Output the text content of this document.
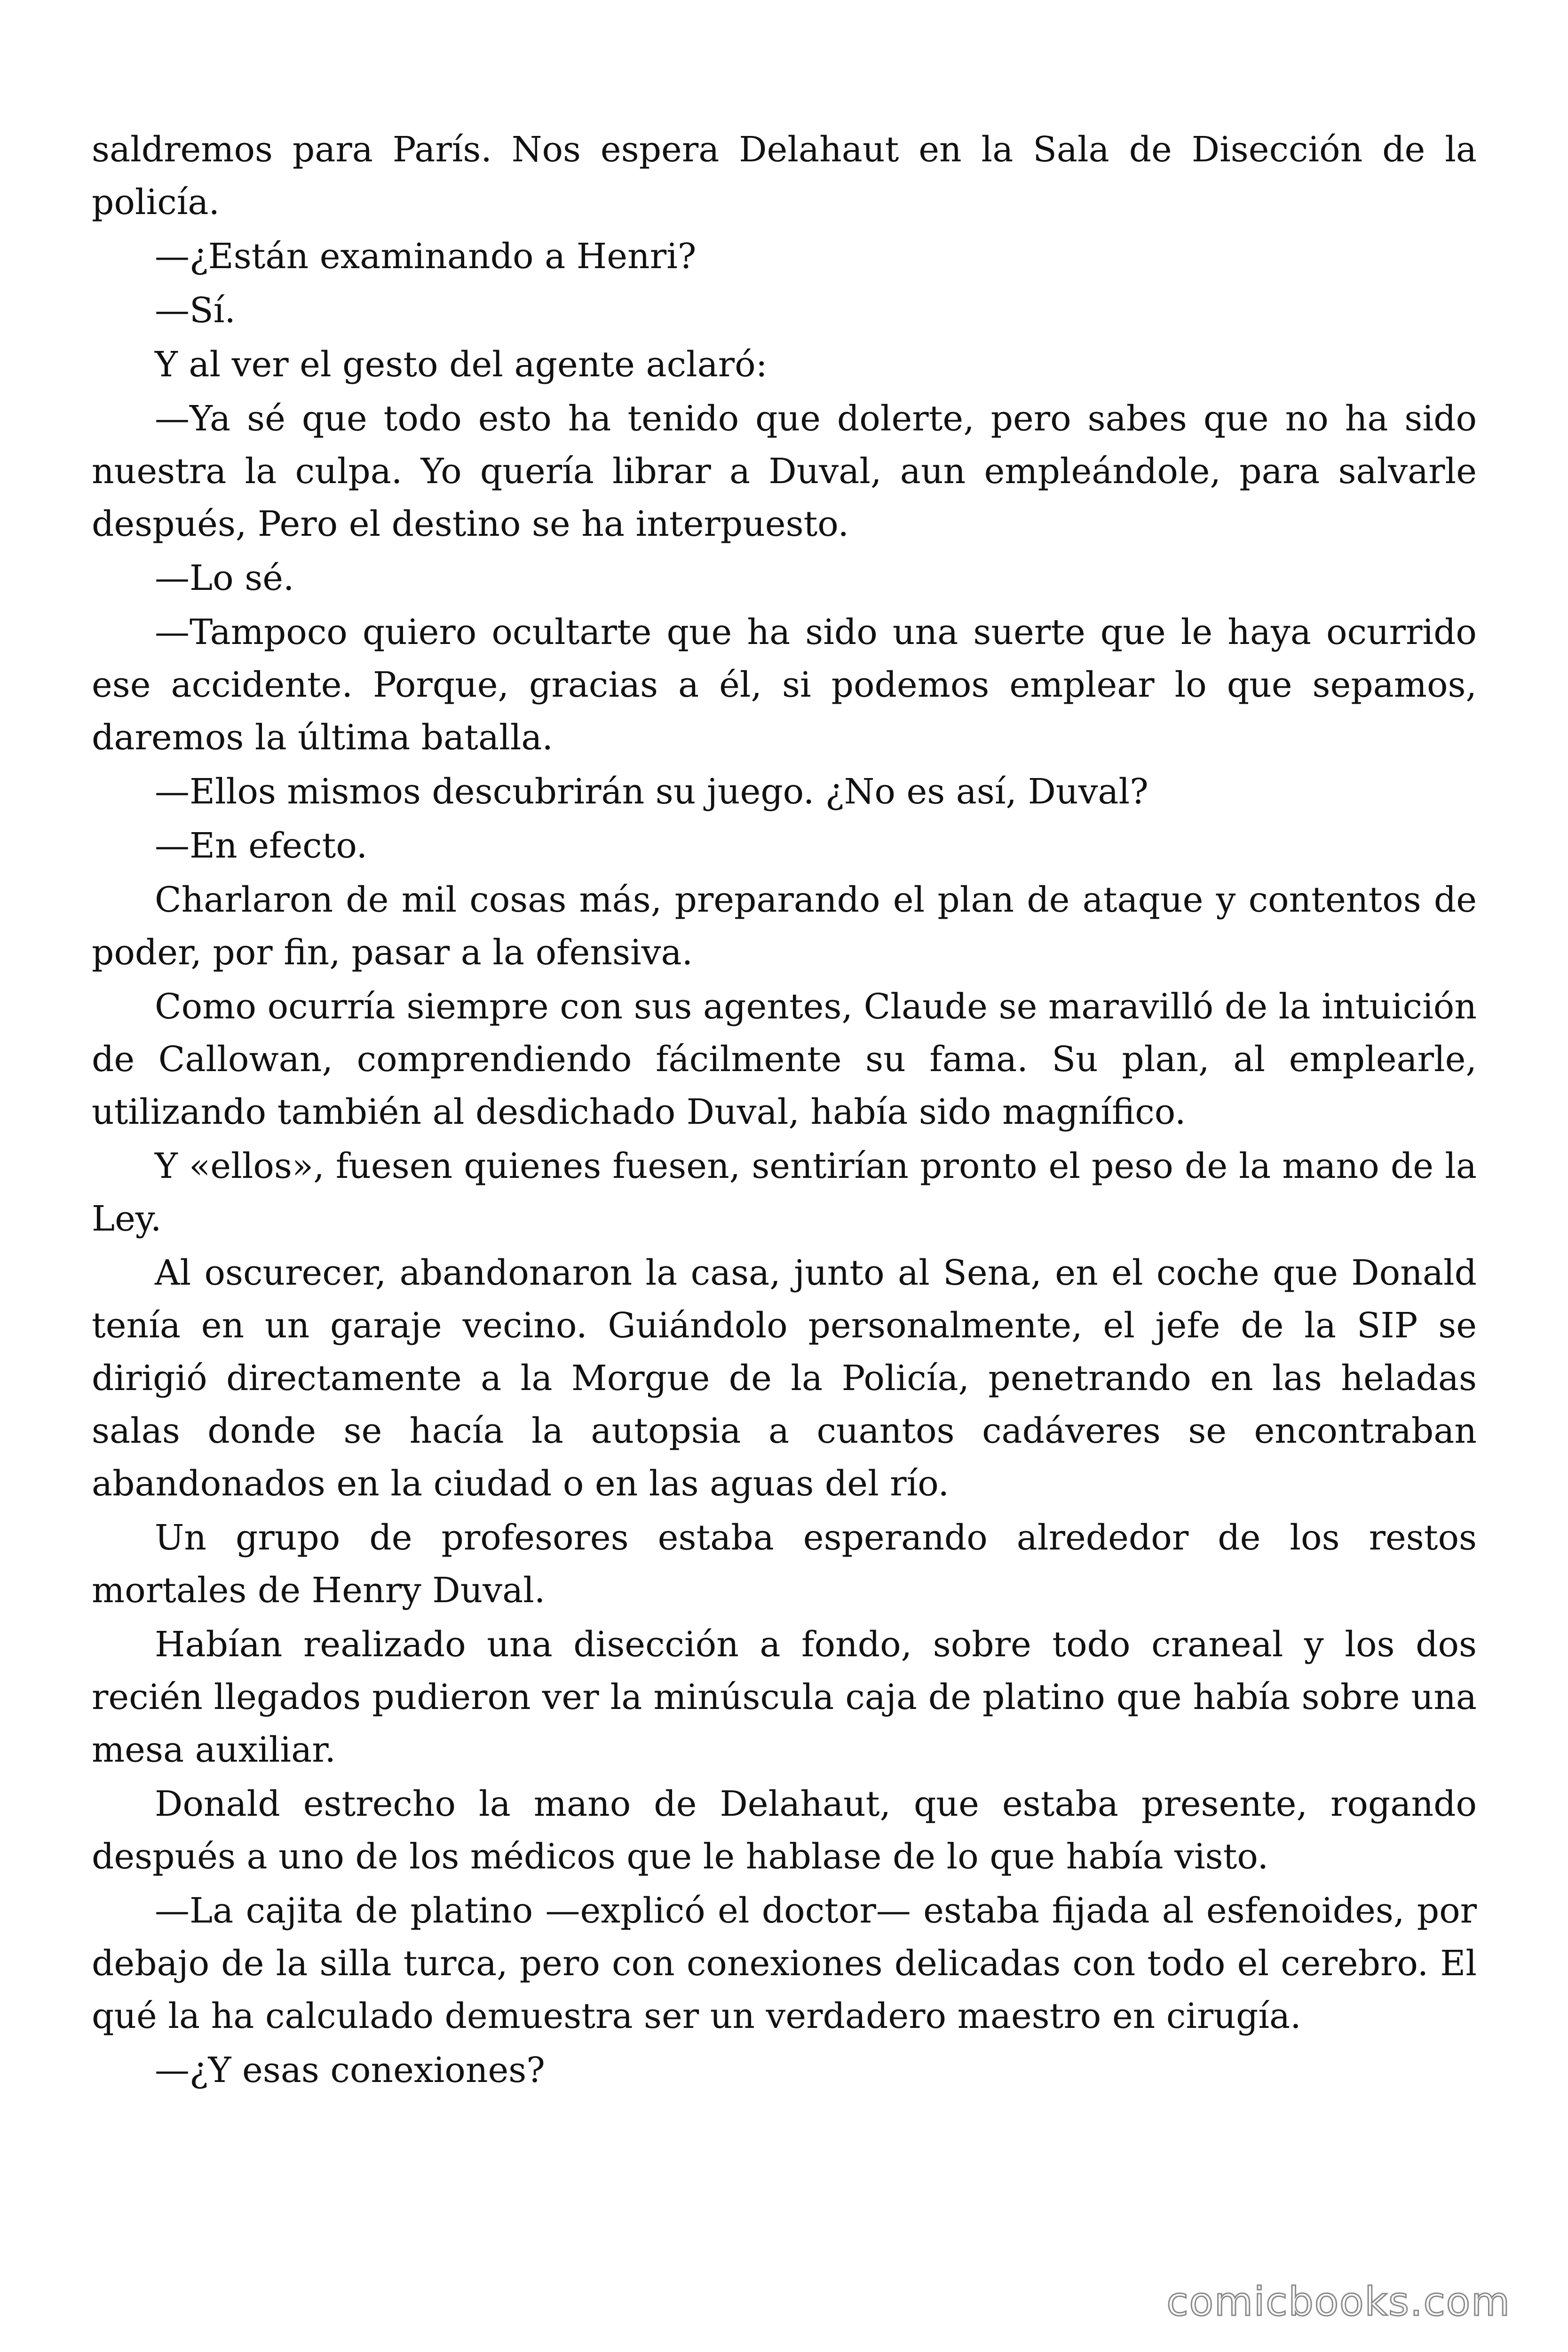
saldremos para París. Nos espera Delahaut en la Sala de Disección de la policía.

—¿Están examinando a Henri?

—Sí.

Y al ver el gesto del agente aclaró:

—Ya sé que todo esto ha tenido que dolerte, pero sabes que no ha sido nuestra la culpa. Yo quería librar a Duval, aun empleándole, para salvarle después, Pero el destino se ha interpuesto.

—Lo sé.

—Tampoco quiero ocultarte que ha sido una suerte que le haya ocurrido ese accidente. Porque, gracias a él, si podemos emplear lo que sepamos, daremos la última batalla.

—Ellos mismos descubrirán su juego. ¿No es así, Duval?

—En efecto.

Charlaron de mil cosas más, preparando el plan de ataque y contentos de poder, por fin, pasar a la ofensiva.

Como ocurría siempre con sus agentes, Claude se maravilló de la intuición de Callowan, comprendiendo fácilmente su fama. Su plan, al emplearle, utilizando también al desdichado Duval, había sido magnífico.

Y «ellos», fuesen quienes fuesen, sentirían pronto el peso de la mano de la Ley.

Al oscurecer, abandonaron la casa, junto al Sena, en el coche que Donald tenía en un garaje vecino. Guiándolo personalmente, el jefe de la SIP se dirigió directamente a la Morgue de la Policía, penetrando en las heladas salas donde se hacía la autopsia a cuantos cadáveres se encontraban abandonados en la ciudad o en las aguas del río.

Un grupo de profesores estaba esperando alrededor de los restos mortales de Henry Duval.

Habían realizado una disección a fondo, sobre todo craneal y los dos recién llegados pudieron ver la minúscula caja de platino que había sobre una mesa auxiliar.

Donald estrecho la mano de Delahaut, que estaba presente, rogando después a uno de los médicos que le hablase de lo que había visto.

—La cajita de platino —explicó el doctor— estaba fijada al esfenoides, por debajo de la silla turca, pero con conexiones delicadas con todo el cerebro. El qué la ha calculado demuestra ser un verdadero maestro en cirugía.

—¿Y esas conexiones?

comicbooks.com
